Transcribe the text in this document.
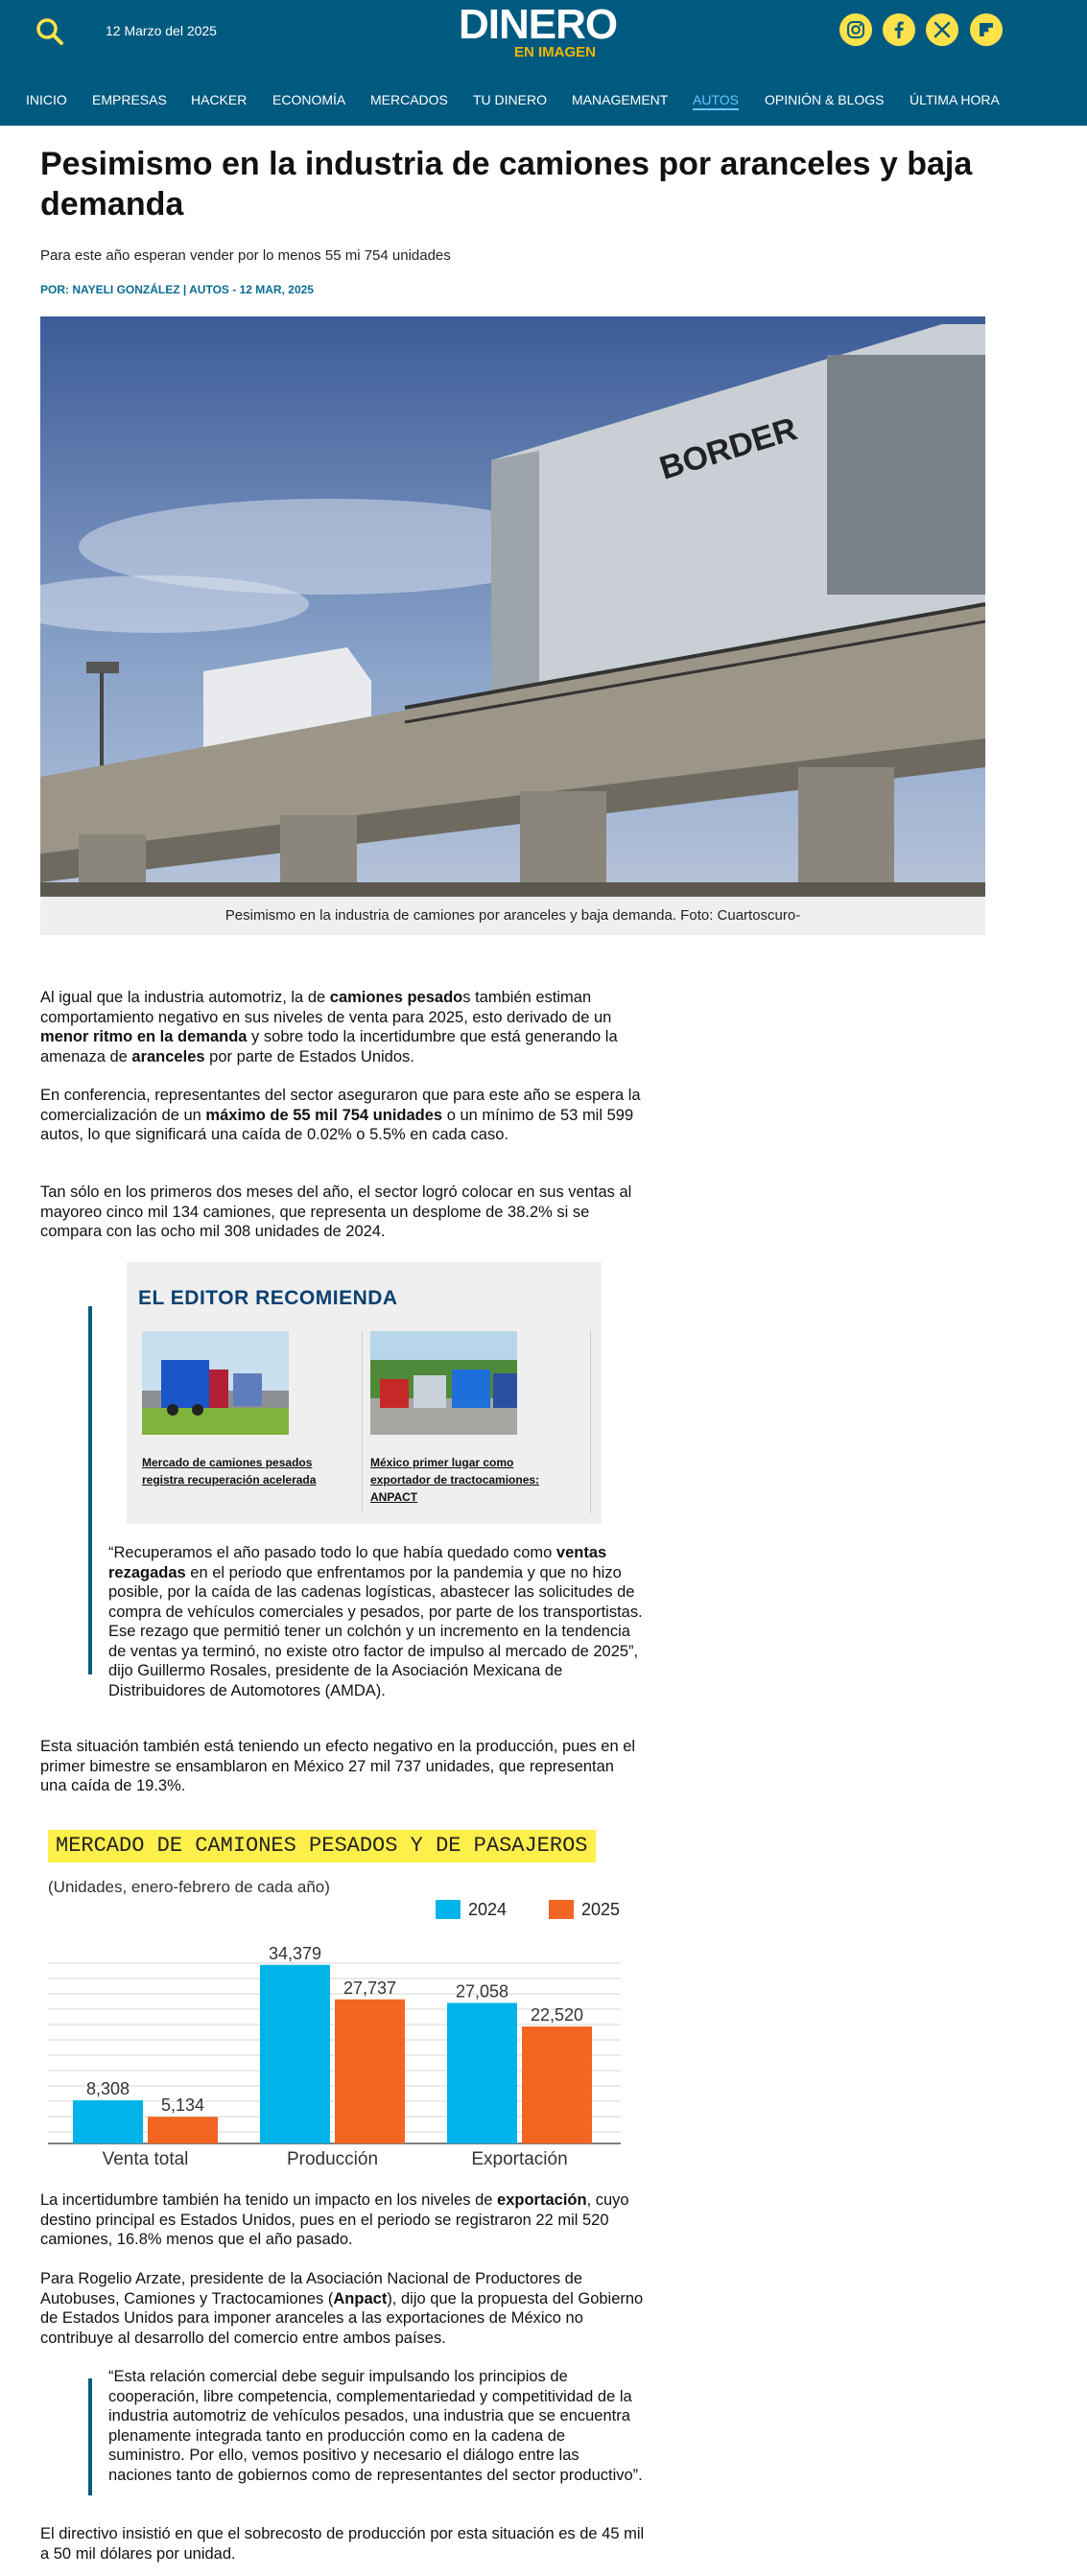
12 Marzo del 2025	DINERO
EN IMAGEN
INICIO EMPRESAS HACKER ECONOMÍA MERCADOS TU DINERO MANAGEMENT AUTOS OPINIÓN & BLOGS ÚLTIMA HORA
Pesimismo en la industria de camiones por aranceles y baja demanda
Para este año esperan vender por lo menos 55 mi 754 unidades
POR: NAYELI GONZÁLEZ | AUTOS - 12 MAR, 2025
BORDER
Pesimismo en la industria de camiones por aranceles y baja demanda. Foto: Cuartoscuro-

Al igual que la industria automotriz, la de camiones pesados también estiman comportamiento negativo en sus niveles de venta para 2025, esto derivado de un menor ritmo en la demanda y sobre todo la incertidumbre que está generando la amenaza de aranceles por parte de Estados Unidos.

En conferencia, representantes del sector aseguraron que para este año se espera la comercialización de un máximo de 55 mil 754 unidades o un mínimo de 53 mil 599 autos, lo que significará una caída de 0.02% o 5.5% en cada caso.

Tan sólo en los primeros dos meses del año, el sector logró colocar en sus ventas al mayoreo cinco mil 134 camiones, que representa un desplome de 38.2% si se compara con las ocho mil 308 unidades de 2024.

EL EDITOR RECOMIENDA
Mercado de camiones pesados registra recuperación acelerada
México primer lugar como exportador de tractocamiones: ANPACT

“Recuperamos el año pasado todo lo que había quedado como ventas rezagadas en el periodo que enfrentamos por la pandemia y que no hizo posible, por la caída de las cadenas logísticas, abastecer las solicitudes de compra de vehículos comerciales y pesados, por parte de los transportistas. Ese rezago que permitió tener un colchón y un incremento en la tendencia de ventas ya terminó, no existe otro factor de impulso al mercado de 2025”, dijo Guillermo Rosales, presidente de la Asociación Mexicana de Distribuidores de Automotores (AMDA).

Esta situación también está teniendo un efecto negativo en la producción, pues en el primer bimestre se ensamblaron en México 27 mil 737 unidades, que representan una caída de 19.3%.

MERCADO DE CAMIONES PESADOS Y DE PASAJEROS
(Unidades, enero-febrero de cada año)
2024	2025
8,308
5,134
Venta total
34,379
27,737
Producción
27,058
22,520
Exportación

La incertidumbre también ha tenido un impacto en los niveles de exportación, cuyo destino principal es Estados Unidos, pues en el periodo se registraron 22 mil 520 camiones, 16.8% menos que el año pasado.

Para Rogelio Arzate, presidente de la Asociación Nacional de Productores de Autobuses, Camiones y Tractocamiones (Anpact), dijo que la propuesta del Gobierno de Estados Unidos para imponer aranceles a las exportaciones de México no contribuye al desarrollo del comercio entre ambos países.

“Esta relación comercial debe seguir impulsando los principios de cooperación, libre competencia, complementariedad y competitividad de la industria automotriz de vehículos pesados, una industria que se encuentra plenamente integrada tanto en producción como en la cadena de suministro. Por ello, vemos positivo y necesario el diálogo entre las naciones tanto de gobiernos como de representantes del sector productivo”.

El directivo insistió en que el sobrecosto de producción por esta situación es de 45 mil a 50 mil dólares por unidad.
